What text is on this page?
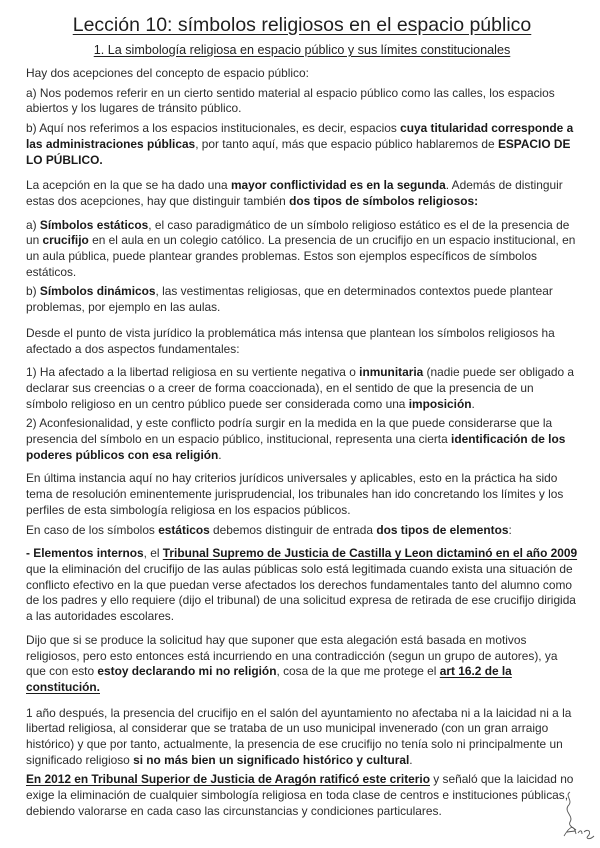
Lección 10: símbolos religiosos en el espacio público
1. La simbología religiosa en espacio público y sus límites constitucionales

Hay dos acepciones del concepto de espacio público:

a) Nos podemos referir en un cierto sentido material al espacio público como las calles, los espacios abiertos y los lugares de tránsito público.

b) Aquí nos referimos a los espacios institucionales, es decir, espacios cuya titularidad corresponde a las administraciones públicas, por tanto aquí, más que espacio público hablaremos de ESPACIO DE LO PÚBLICO.

La acepción en la que se ha dado una mayor conflictividad es en la segunda. Además de distinguir estas dos acepciones, hay que distinguir también dos tipos de símbolos religiosos:

a) Símbolos estáticos, el caso paradigmático de un símbolo religioso estático es el de la presencia de un crucifijo en el aula en un colegio católico. La presencia de un crucifijo en un espacio institucional, en un aula pública, puede plantear grandes problemas. Estos son ejemplos específicos de símbolos estáticos.

b) Símbolos dinámicos, las vestimentas religiosas, que en determinados contextos puede plantear problemas, por ejemplo en las aulas.

Desde el punto de vista jurídico la problemática más intensa que plantean los símbolos religiosos ha afectado a dos aspectos fundamentales:

1) Ha afectado a la libertad religiosa en su vertiente negativa o inmunitaria (nadie puede ser obligado a declarar sus creencias o a creer de forma coaccionada), en el sentido de que la presencia de un símbolo religioso en un centro público puede ser considerada como una imposición.

2) Aconfesionalidad, y este conflicto podría surgir en la medida en la que puede considerarse que la presencia del símbolo en un espacio público, institucional, representa una cierta identificación de los poderes públicos con esa religión.

En última instancia aquí no hay criterios jurídicos universales y aplicables, esto en la práctica ha sido tema de resolución eminentemente jurisprudencial, los tribunales han ido concretando los límites y los perfiles de esta simbología religiosa en los espacios públicos.

En caso de los símbolos estáticos debemos distinguir de entrada dos tipos de elementos:

- Elementos internos, el Tribunal Supremo de Justicia de Castilla y Leon dictaminó en el año 2009 que la eliminación del crucifijo de las aulas públicas solo está legitimada cuando exista una situación de conflicto efectivo en la que puedan verse afectados los derechos fundamentales tanto del alumno como de los padres y ello requiere (dijo el tribunal) de una solicitud expresa de retirada de ese crucifijo dirigida a las autoridades escolares.

Dijo que si se produce la solicitud hay que suponer que esta alegación está basada en motivos religiosos, pero esto entonces está incurriendo en una contradicción (segun un grupo de autores), ya que con esto estoy declarando mi no religión, cosa de la que me protege el art 16.2 de la constitución.

1 año después, la presencia del crucifijo en el salón del ayuntamiento no afectaba ni a la laicidad ni a la libertad religiosa, al considerar que se trataba de un uso municipal invenerado (con un gran arraigo histórico) y que por tanto, actualmente, la presencia de ese crucifijo no tenía solo ni principalmente un significado religioso si no más bien un significado histórico y cultural.

En 2012 en Tribunal Superior de Justicia de Aragón ratificó este criterio y señaló que la laicidad no exige la eliminación de cualquier simbología religiosa en toda clase de centros e instituciones públicas, debiendo valorarse en cada caso las circunstancias y condiciones particulares.
